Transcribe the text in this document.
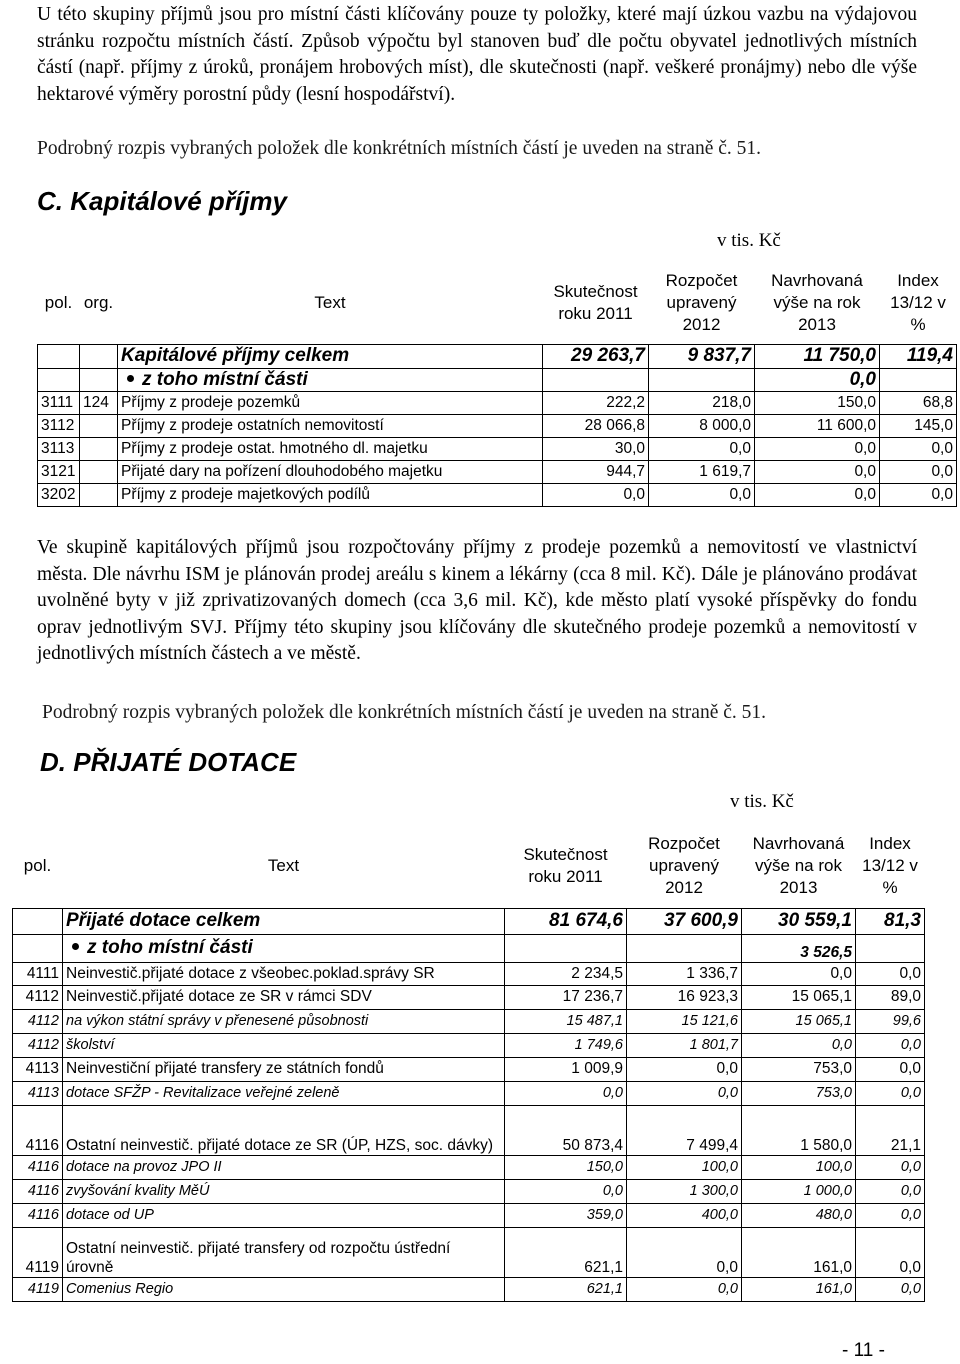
U této skupiny příjmů jsou pro místní části klíčovány pouze ty položky, které mají úzkou vazbu na výdajovou stránku rozpočtu místních částí. Způsob výpočtu byl stanoven buď dle počtu obyvatel jednotlivých místních částí (např. příjmy z úroků, pronájem hrobových míst), dle skutečnosti (např. veškeré pronájmy) nebo dle výše hektarové výměry porostní půdy (lesní hospodářství).
Podrobný rozpis vybraných položek dle konkrétních místních částí je uveden na straně č. 51.
C. Kapitálové příjmy
v tis. Kč
pol.	org.	Text	Skutečnost roku 2011	Rozpočet upravený 2012	Navrhovaná výše na rok 2013	Index 13/12 v %
		Kapitálové příjmy celkem	29 263,7	9 837,7	11 750,0	119,4
		z toho místní části			0,0	
3111	124	Příjmy z prodeje pozemků	222,2	218,0	150,0	68,8
3112		Příjmy z prodeje ostatních nemovitostí	28 066,8	8 000,0	11 600,0	145,0
3113		Příjmy z prodeje ostat. hmotného dl. majetku	30,0	0,0	0,0	0,0
3121		Přijaté dary na pořízení dlouhodobého majetku	944,7	1 619,7	0,0	0,0
3202		Příjmy z prodeje majetkových podílů	0,0	0,0	0,0	0,0
Ve skupině kapitálových příjmů jsou rozpočtovány příjmy z prodeje pozemků a nemovitostí ve vlastnictví města. Dle návrhu ISM je plánován prodej areálu s kinem a lékárny (cca 8 mil. Kč). Dále je plánováno prodávat uvolněné byty v již zprivatizovaných domech (cca 3,6 mil. Kč), kde město platí vysoké příspěvky do fondu oprav jednotlivým SVJ. Příjmy této skupiny jsou klíčovány dle skutečného prodeje pozemků a nemovitostí v jednotlivých místních částech a ve městě.
Podrobný rozpis vybraných položek dle konkrétních místních částí je uveden na straně č. 51.
D. PŘIJATÉ DOTACE
v tis. Kč
pol.	Text	Skutečnost roku 2011	Rozpočet upravený 2012	Navrhovaná výše na rok 2013	Index 13/12 v %
	Přijaté dotace celkem	81 674,6	37 600,9	30 559,1	81,3
	z toho místní části			3 526,5	
4111	Neinvestič.přijaté dotace z všeobec.poklad.správy SR	2 234,5	1 336,7	0,0	0,0
4112	Neinvestič.přijaté dotace ze SR v rámci SDV	17 236,7	16 923,3	15 065,1	89,0
4112	na výkon státní správy v přenesené působnosti	15 487,1	15 121,6	15 065,1	99,6
4112	školství	1 749,6	1 801,7	0,0	0,0
4113	Neinvestiční přijaté transfery ze státních fondů	1 009,9	0,0	753,0	0,0
4113	dotace SFŽP - Revitalizace veřejné zeleně	0,0	0,0	753,0	0,0
4116	Ostatní neinvestič. přijaté dotace ze SR (ÚP, HZS, soc. dávky)	50 873,4	7 499,4	1 580,0	21,1
4116	dotace na provoz JPO II	150,0	100,0	100,0	0,0
4116	zvyšování kvality MěÚ	0,0	1 300,0	1 000,0	0,0
4116	dotace od UP	359,0	400,0	480,0	0,0
4119	Ostatní neinvestič. přijaté transfery od rozpočtu ústřední úrovně	621,1	0,0	161,0	0,0
4119	Comenius Regio	621,1	0,0	161,0	0,0
- 11 -
